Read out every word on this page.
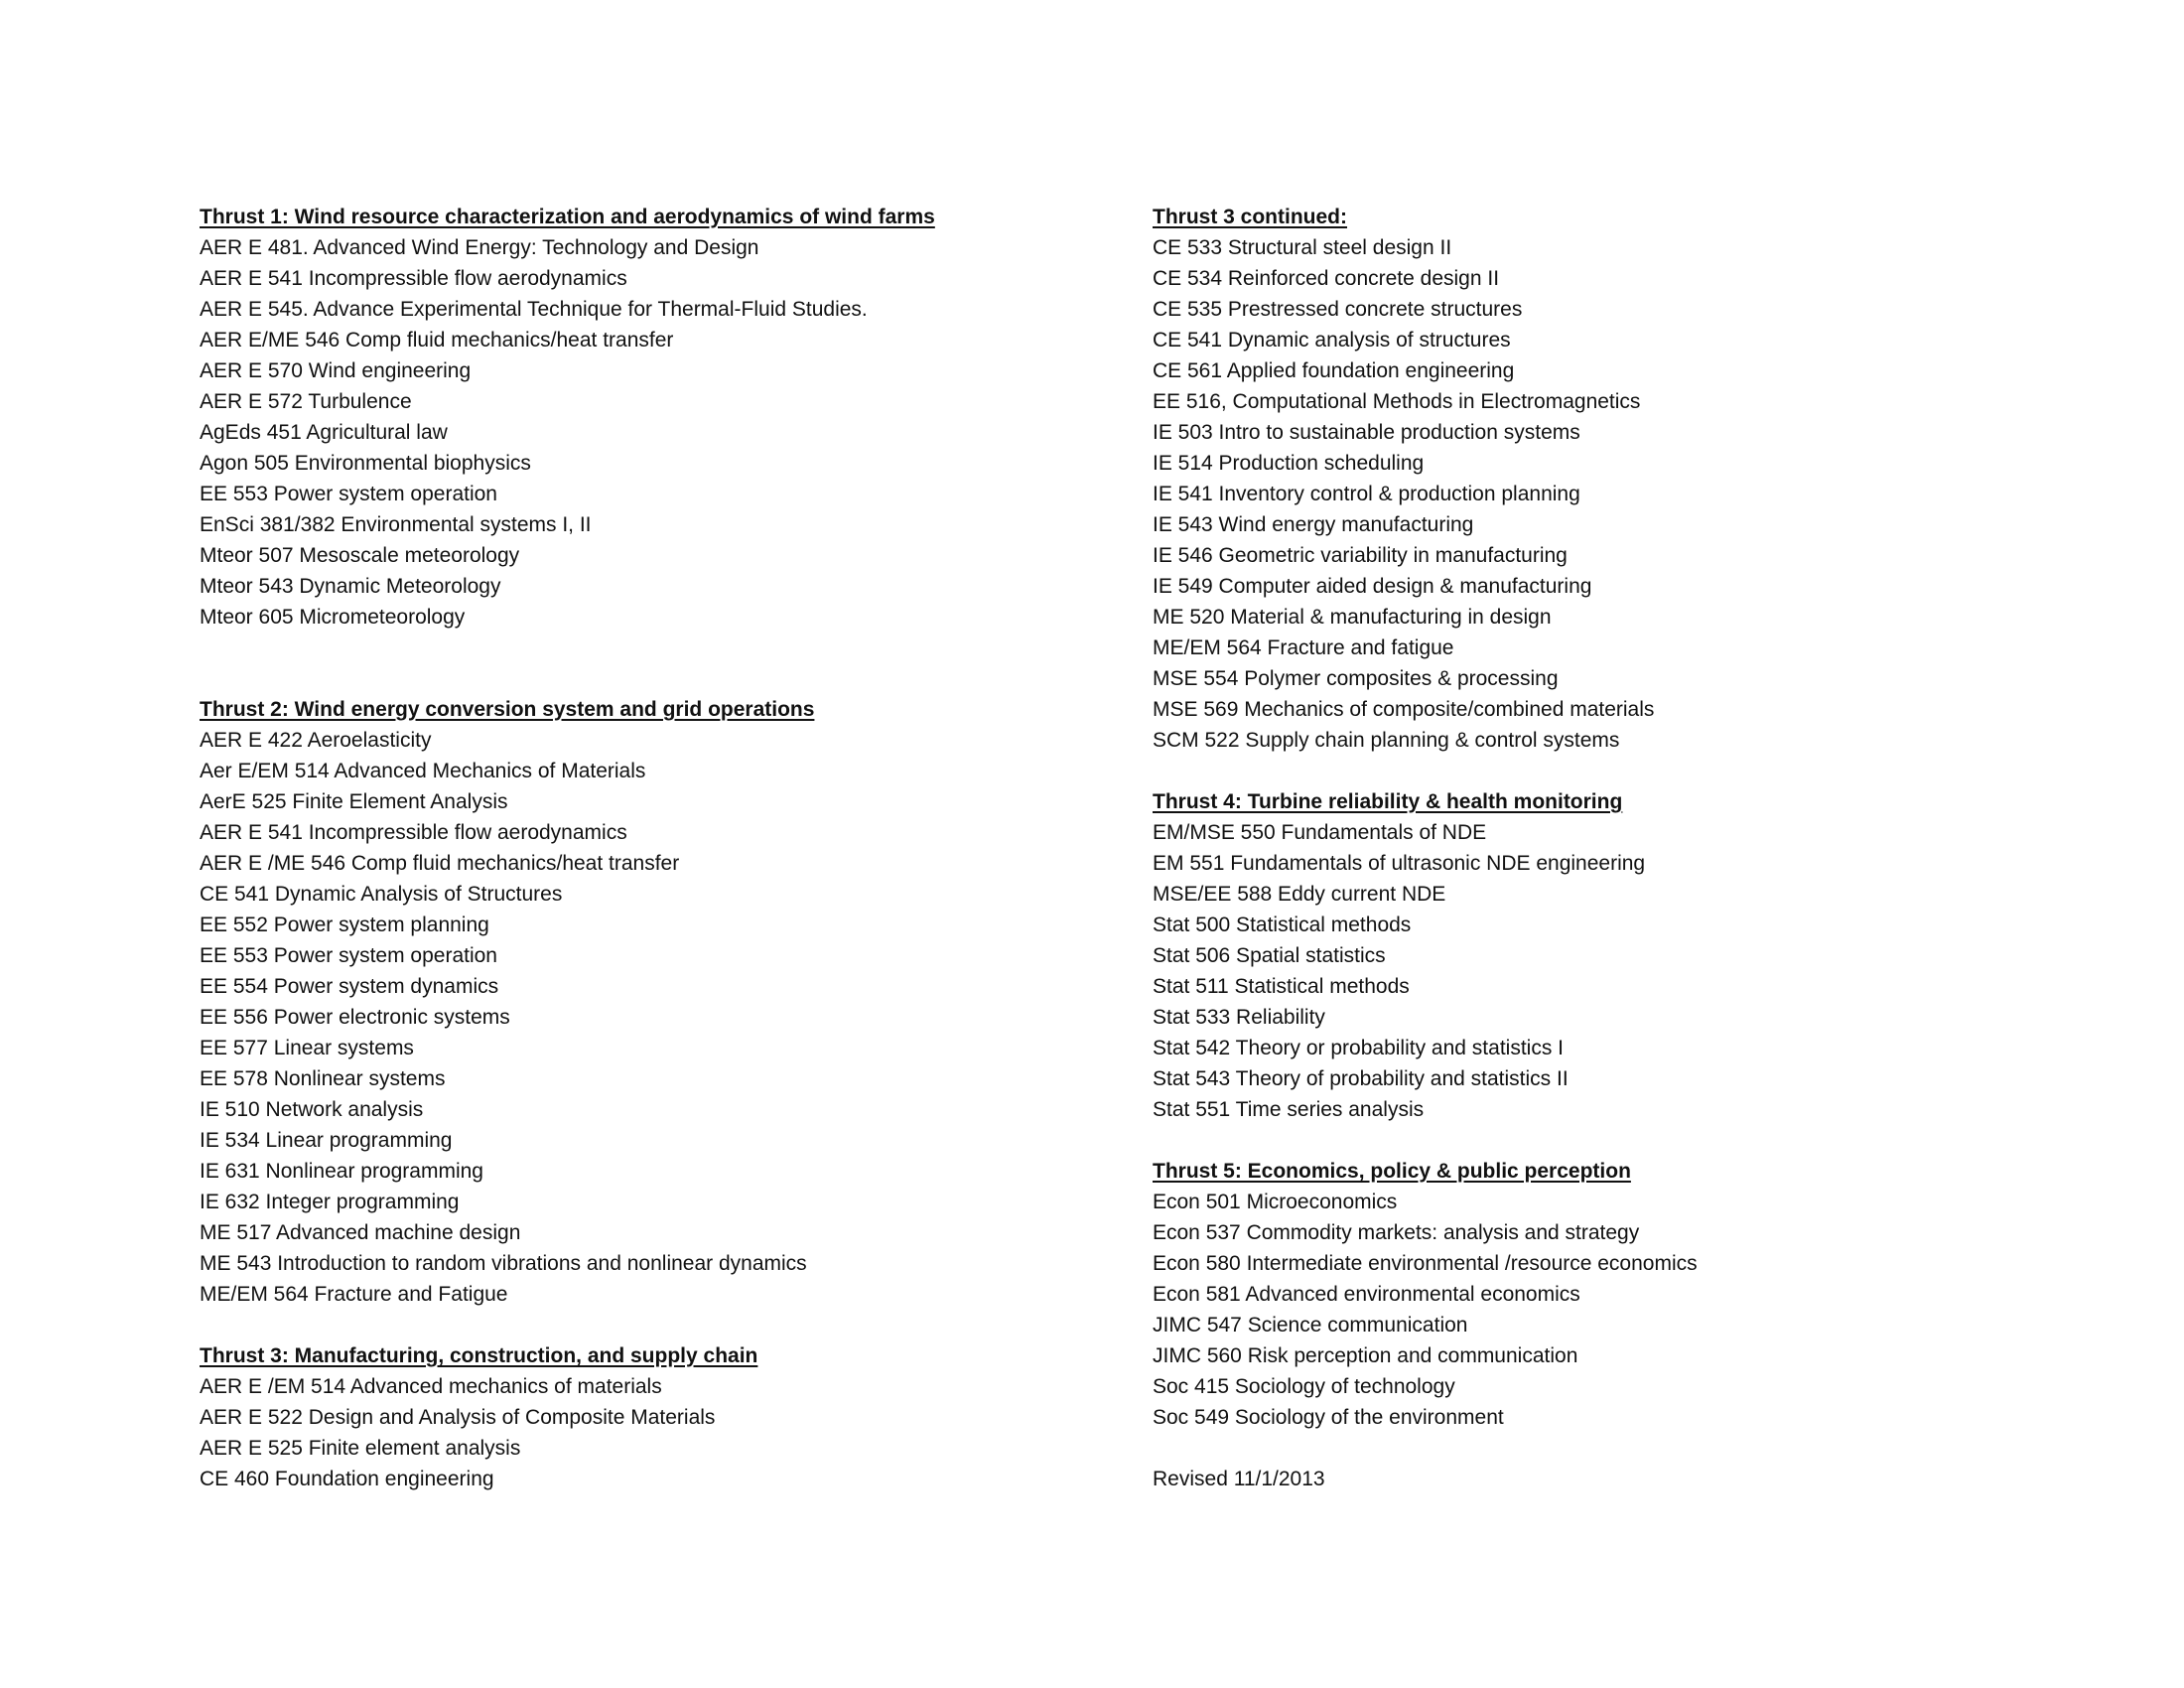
Thrust 1: Wind resource characterization and aerodynamics of wind farms
AER E 481. Advanced Wind Energy: Technology and Design
AER E 541 Incompressible flow aerodynamics
AER E 545. Advance Experimental Technique for Thermal-Fluid Studies.
AER E/ME 546 Comp fluid mechanics/heat transfer
AER E 570 Wind engineering
AER E 572 Turbulence
AgEds 451 Agricultural law
Agon 505 Environmental biophysics
EE 553 Power system operation
EnSci 381/382 Environmental systems I, II
Mteor 507 Mesoscale meteorology
Mteor 543 Dynamic Meteorology
Mteor 605 Micrometeorology
Thrust 2: Wind energy conversion system and grid operations
AER E 422 Aeroelasticity
Aer E/EM 514 Advanced Mechanics of Materials
AerE 525 Finite Element Analysis
AER E 541 Incompressible flow aerodynamics
AER E /ME 546 Comp fluid mechanics/heat transfer
CE 541 Dynamic Analysis of Structures
EE 552 Power system planning
EE 553 Power system operation
EE 554 Power system dynamics
EE 556 Power electronic systems
EE 577 Linear systems
EE 578 Nonlinear systems
IE 510 Network analysis
IE 534 Linear programming
IE 631 Nonlinear programming
IE 632 Integer programming
ME 517 Advanced machine design
ME 543 Introduction to random vibrations and nonlinear dynamics
ME/EM 564 Fracture and Fatigue
Thrust 3: Manufacturing, construction, and supply chain
AER E /EM 514 Advanced mechanics of materials
AER E 522 Design and Analysis of Composite Materials
AER E 525 Finite element analysis
CE 460 Foundation engineering
Thrust 3 continued:
CE 533 Structural steel design II
CE 534 Reinforced concrete design II
CE 535 Prestressed concrete structures
CE 541 Dynamic analysis of structures
CE 561 Applied foundation engineering
EE 516, Computational Methods in Electromagnetics
IE 503 Intro to sustainable production systems
IE 514 Production scheduling
IE 541 Inventory control & production planning
IE 543 Wind energy manufacturing
IE 546 Geometric variability in manufacturing
IE 549 Computer aided design & manufacturing
ME 520 Material & manufacturing in design
ME/EM 564 Fracture and fatigue
MSE 554 Polymer composites & processing
MSE 569 Mechanics of composite/combined materials
SCM 522 Supply chain planning & control systems
Thrust 4: Turbine reliability & health monitoring
EM/MSE 550 Fundamentals of NDE
EM 551 Fundamentals of ultrasonic NDE engineering
MSE/EE 588 Eddy current NDE
Stat 500 Statistical methods
Stat 506 Spatial statistics
Stat 511 Statistical methods
Stat 533 Reliability
Stat 542 Theory or probability and statistics I
Stat 543 Theory of probability and statistics II
Stat 551 Time series analysis
Thrust 5: Economics, policy & public perception
Econ 501 Microeconomics
Econ 537 Commodity markets: analysis and strategy
Econ 580 Intermediate environmental /resource economics
Econ 581 Advanced environmental economics
JIMC 547 Science communication
JIMC 560 Risk perception and communication
Soc 415 Sociology of technology
Soc 549 Sociology of the environment
Revised 11/1/2013
